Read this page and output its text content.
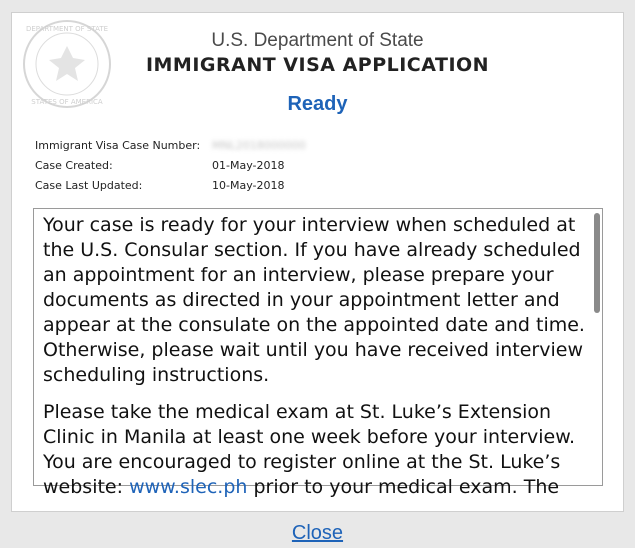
DEPARTMENT OF STATE
STATES OF AMERICA
U.S. Department of State
IMMIGRANT VISA APPLICATION
Ready
Immigrant Visa Case Number:	MNL2018000000
Case Created:	01-May-2018
Case Last Updated:	10-May-2018

Your case is ready for your interview when scheduled at the U.S. Consular section. If you have already scheduled an appointment for an interview, please prepare your documents as directed in your appointment letter and appear at the consulate on the appointed date and time. Otherwise, please wait until you have received interview scheduling instructions.

Please take the medical exam at St. Luke’s Extension Clinic in Manila at least one week before your interview. You are encouraged to register online at the St. Luke’s website: www.slec.ph prior to your medical exam. The

Close
